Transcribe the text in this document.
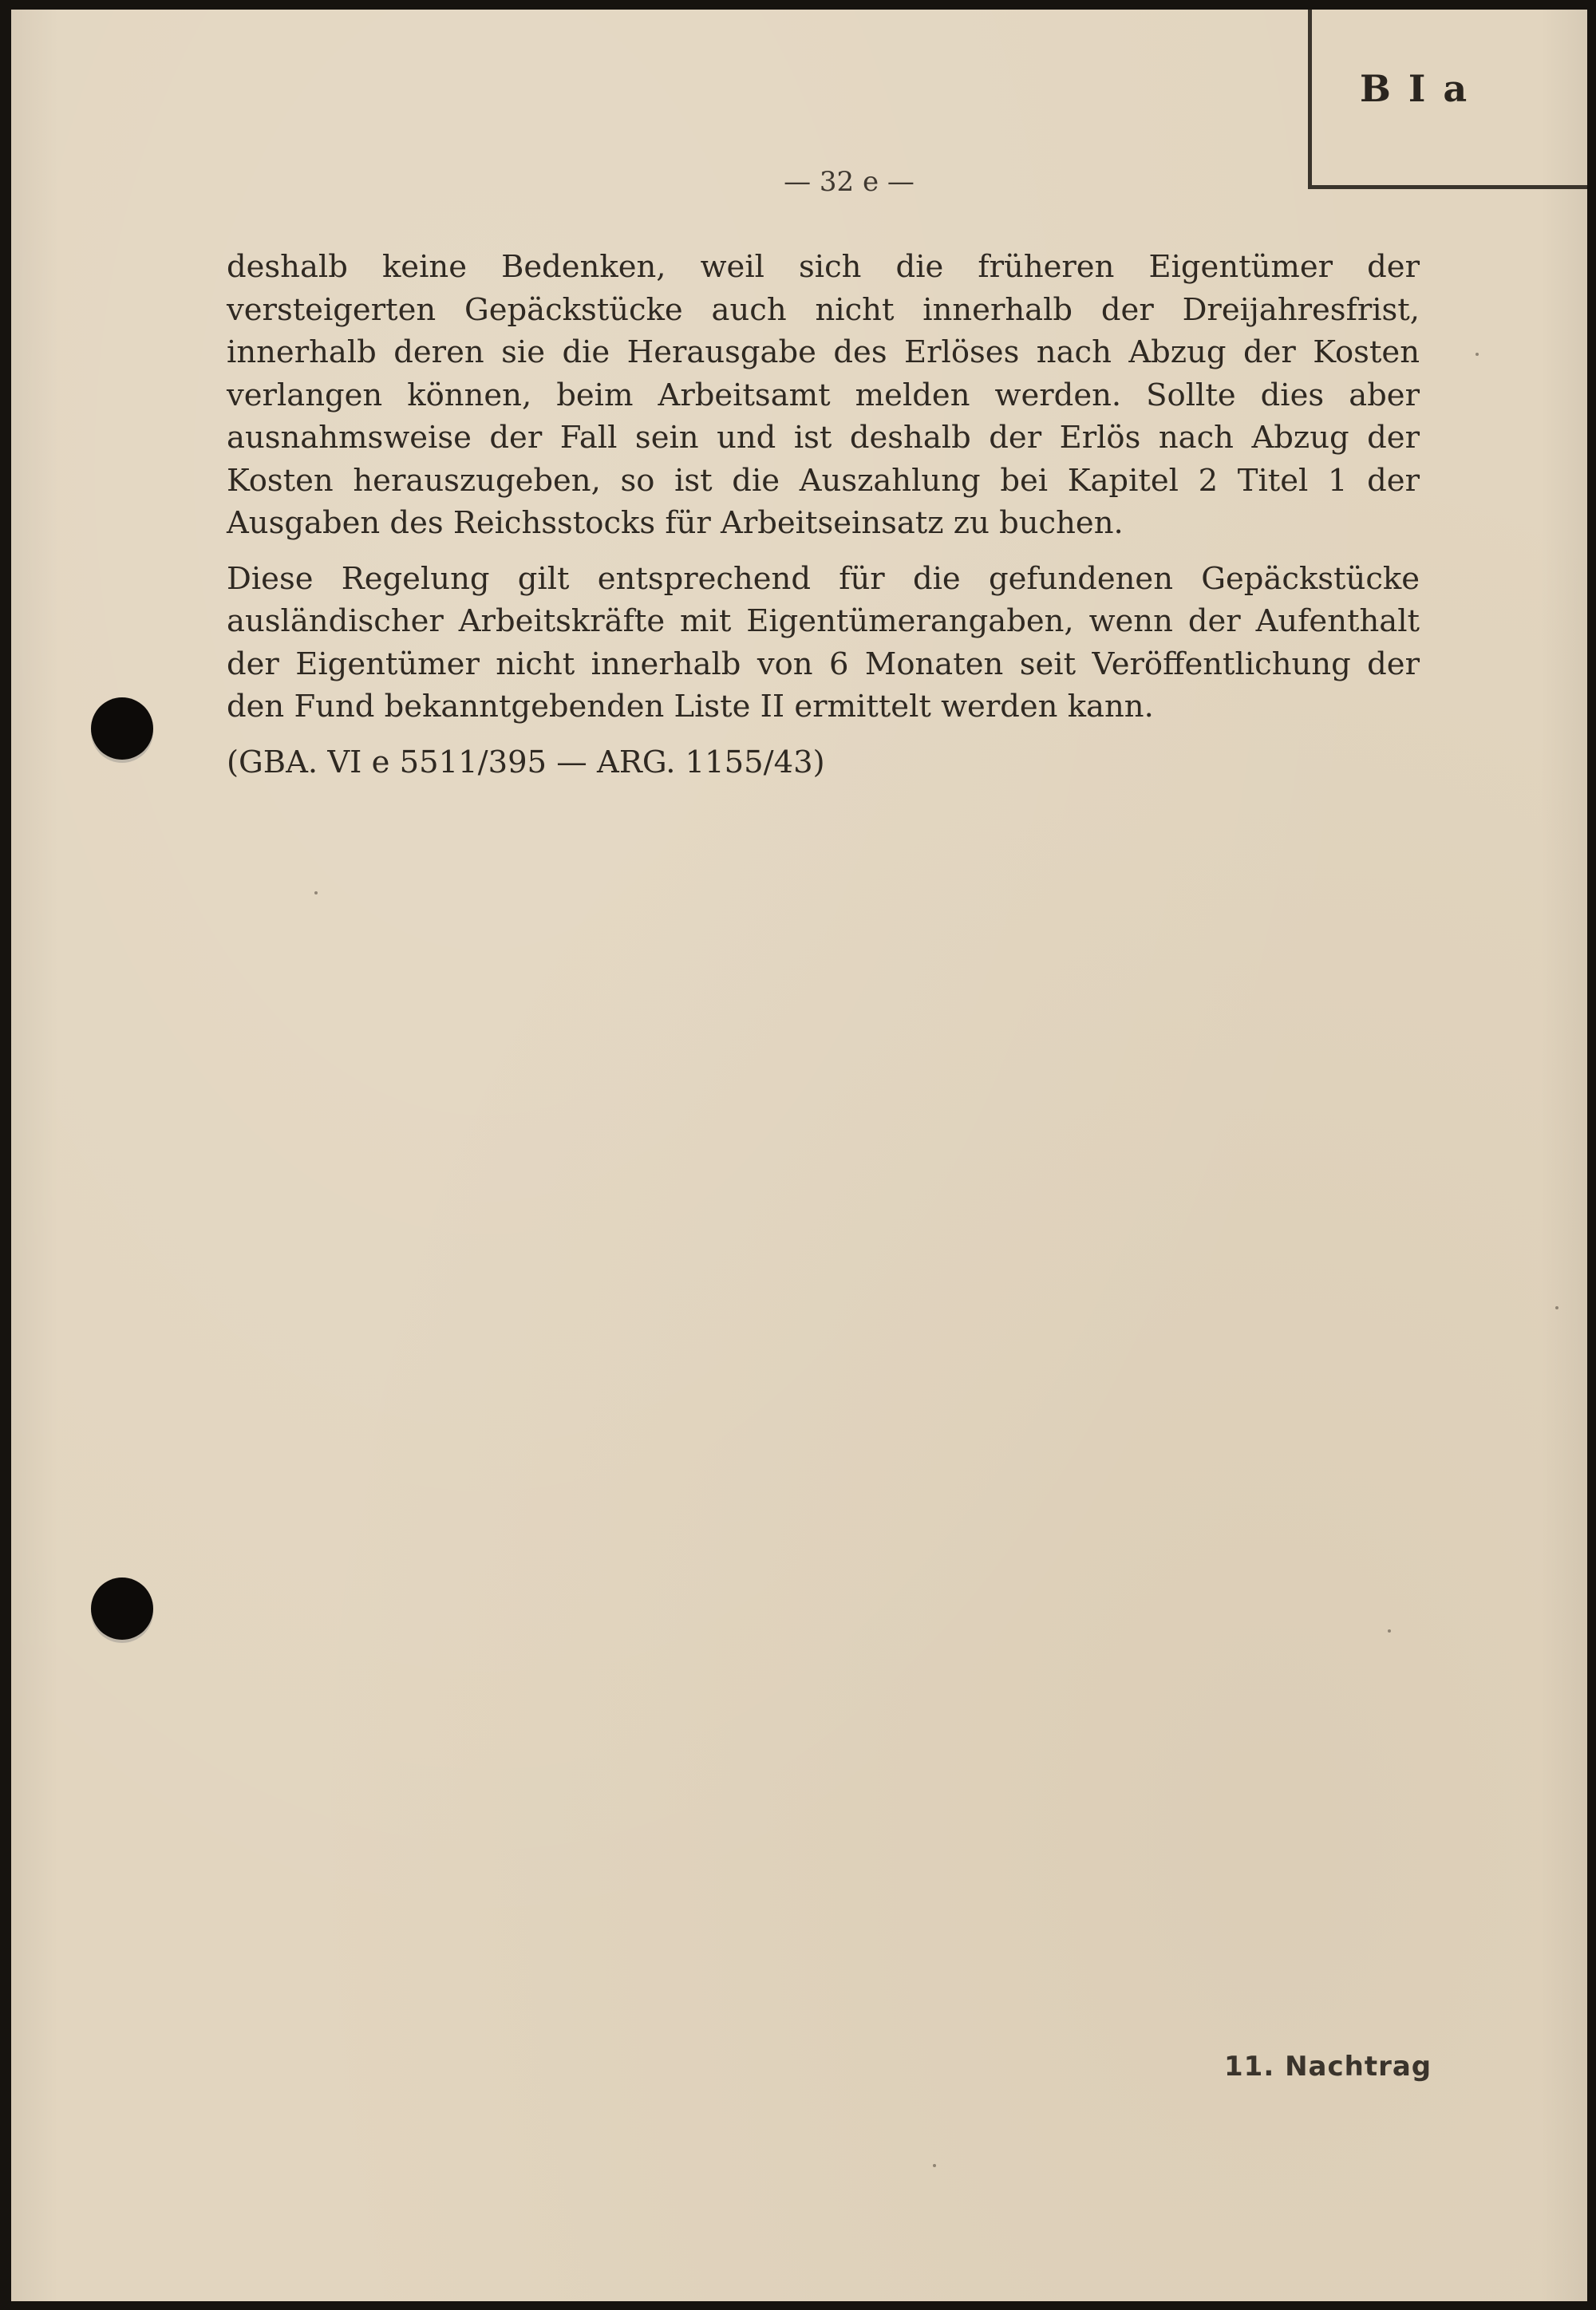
B I a
— 32 e —

deshalb keine Bedenken, weil sich die früheren Eigentümer der versteigerten Gepäckstücke auch nicht innerhalb der Dreijahresfrist, innerhalb deren sie die Herausgabe des Erlöses nach Abzug der Kosten verlangen können, beim Arbeitsamt melden werden. Sollte dies aber ausnahmsweise der Fall sein und ist deshalb der Erlös nach Abzug der Kosten herauszugeben, so ist die Auszahlung bei Kapitel 2 Titel 1 der Ausgaben des Reichsstocks für Arbeitseinsatz zu buchen.

Diese Regelung gilt entsprechend für die gefundenen Gepäckstücke ausländischer Arbeitskräfte mit Eigentümerangaben, wenn der Aufenthalt der Eigentümer nicht innerhalb von 6 Monaten seit Veröffentlichung der den Fund bekanntgebenden Liste II ermittelt werden kann.

(GBA. VI e 5511/395 — ARG. 1155/43)

11. Nachtrag
